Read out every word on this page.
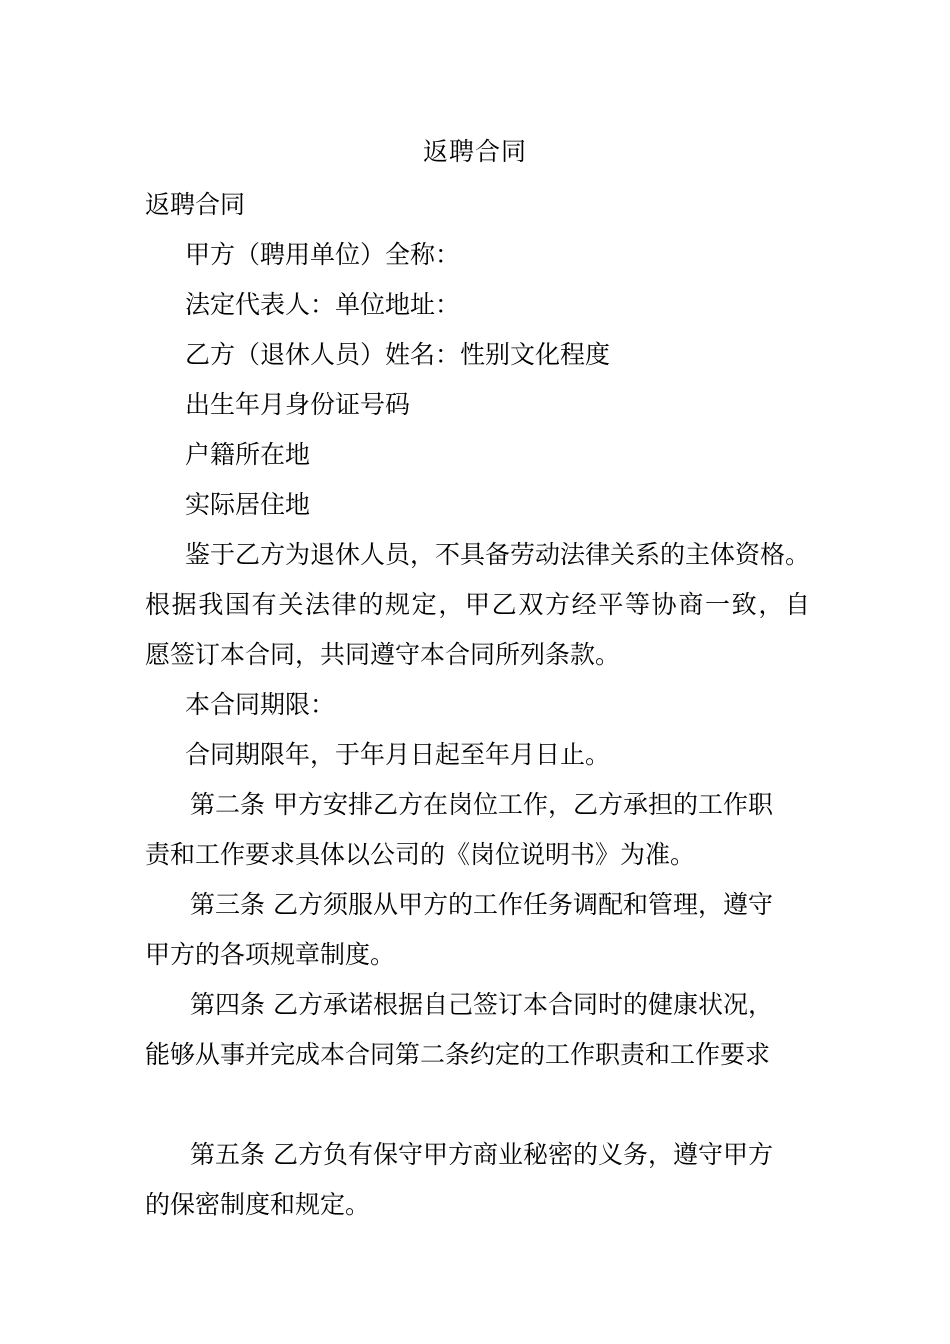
返聘合同
返聘合同
甲方（聘用单位）全称：
法定代表人：单位地址：
乙方（退休人员）姓名：性别文化程度
出生年月身份证号码
户籍所在地
实际居住地
鉴于乙方为退休人员，不具备劳动法律关系的主体资格。
根据我国有关法律的规定，甲乙双方经平等协商一致，自
愿签订本合同，共同遵守本合同所列条款。
本合同期限：
合同期限年，于年月日起至年月日止。
第二条 甲方安排乙方在岗位工作，乙方承担的工作职
责和工作要求具体以公司的《岗位说明书》为准。
第三条 乙方须服从甲方的工作任务调配和管理，遵守
甲方的各项规章制度。
第四条 乙方承诺根据自己签订本合同时的健康状况，
能够从事并完成本合同第二条约定的工作职责和工作要求
第五条 乙方负有保守甲方商业秘密的义务，遵守甲方
的保密制度和规定。
